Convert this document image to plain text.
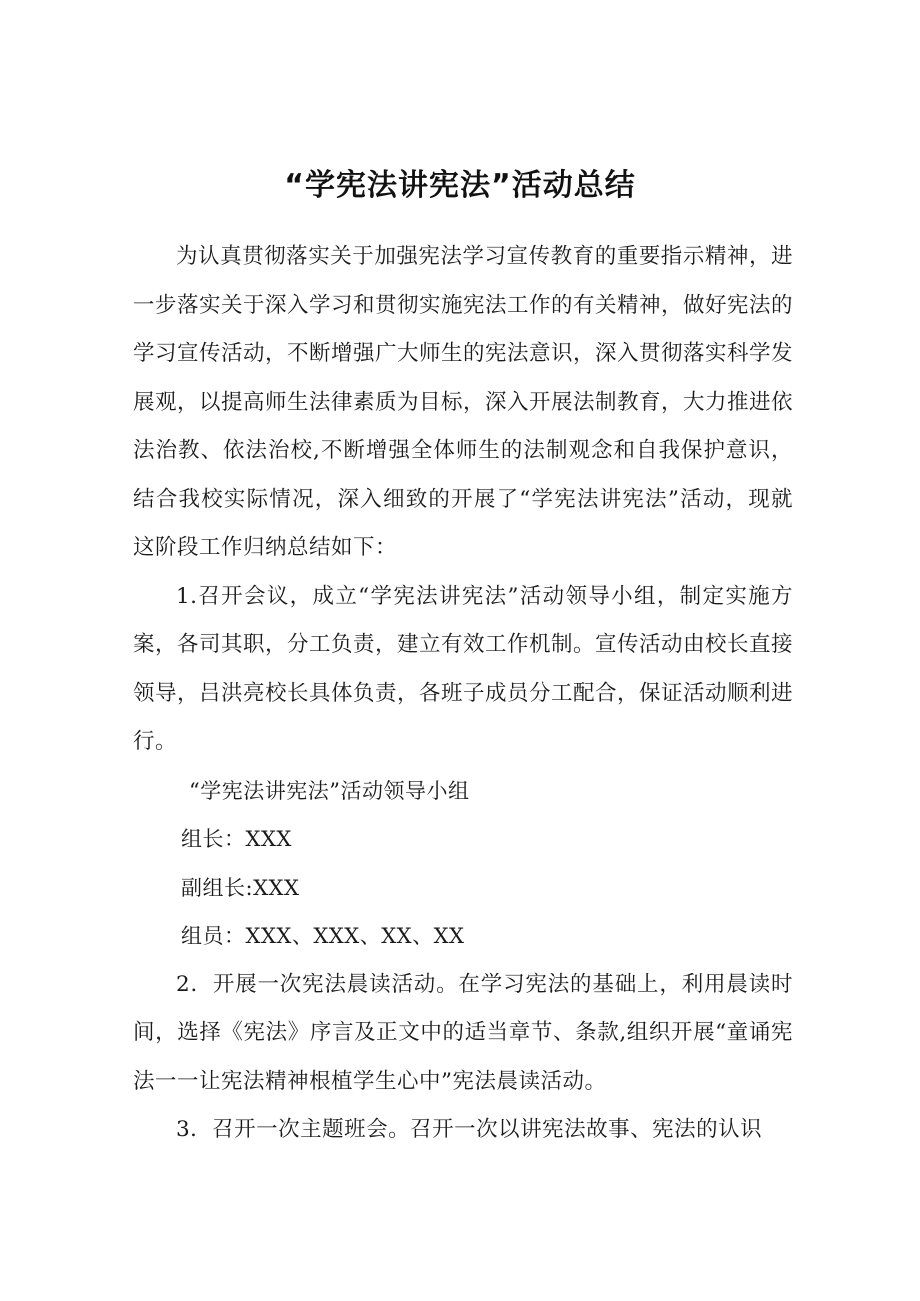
“学宪法讲宪法”活动总结

为认真贯彻落实关于加强宪法学习宣传教育的重要指示精神，进一步落实关于深入学习和贯彻实施宪法工作的有关精神，做好宪法的学习宣传活动，不断增强广大师生的宪法意识，深入贯彻落实科学发展观，以提高师生法律素质为目标，深入开展法制教育，大力推进依法治教、依法治校,不断增强全体师生的法制观念和自我保护意识，结合我校实际情况，深入细致的开展了“学宪法讲宪法”活动，现就这阶段工作归纳总结如下：

1.召开会议，成立“学宪法讲宪法”活动领导小组，制定实施方案，各司其职，分工负责，建立有效工作机制。宣传活动由校长直接领导，吕洪亮校长具体负责，各班子成员分工配合，保证活动顺利进行。

“学宪法讲宪法”活动领导小组

组长：XXX

副组长:XXX

组员：XXX、XXX、XX、XX

2．开展一次宪法晨读活动。在学习宪法的基础上，利用晨读时间，选择《宪法》序言及正文中的适当章节、条款,组织开展“童诵宪法一一让宪法精神根植学生心中”宪法晨读活动。

3．召开一次主题班会。召开一次以讲宪法故事、宪法的认识
